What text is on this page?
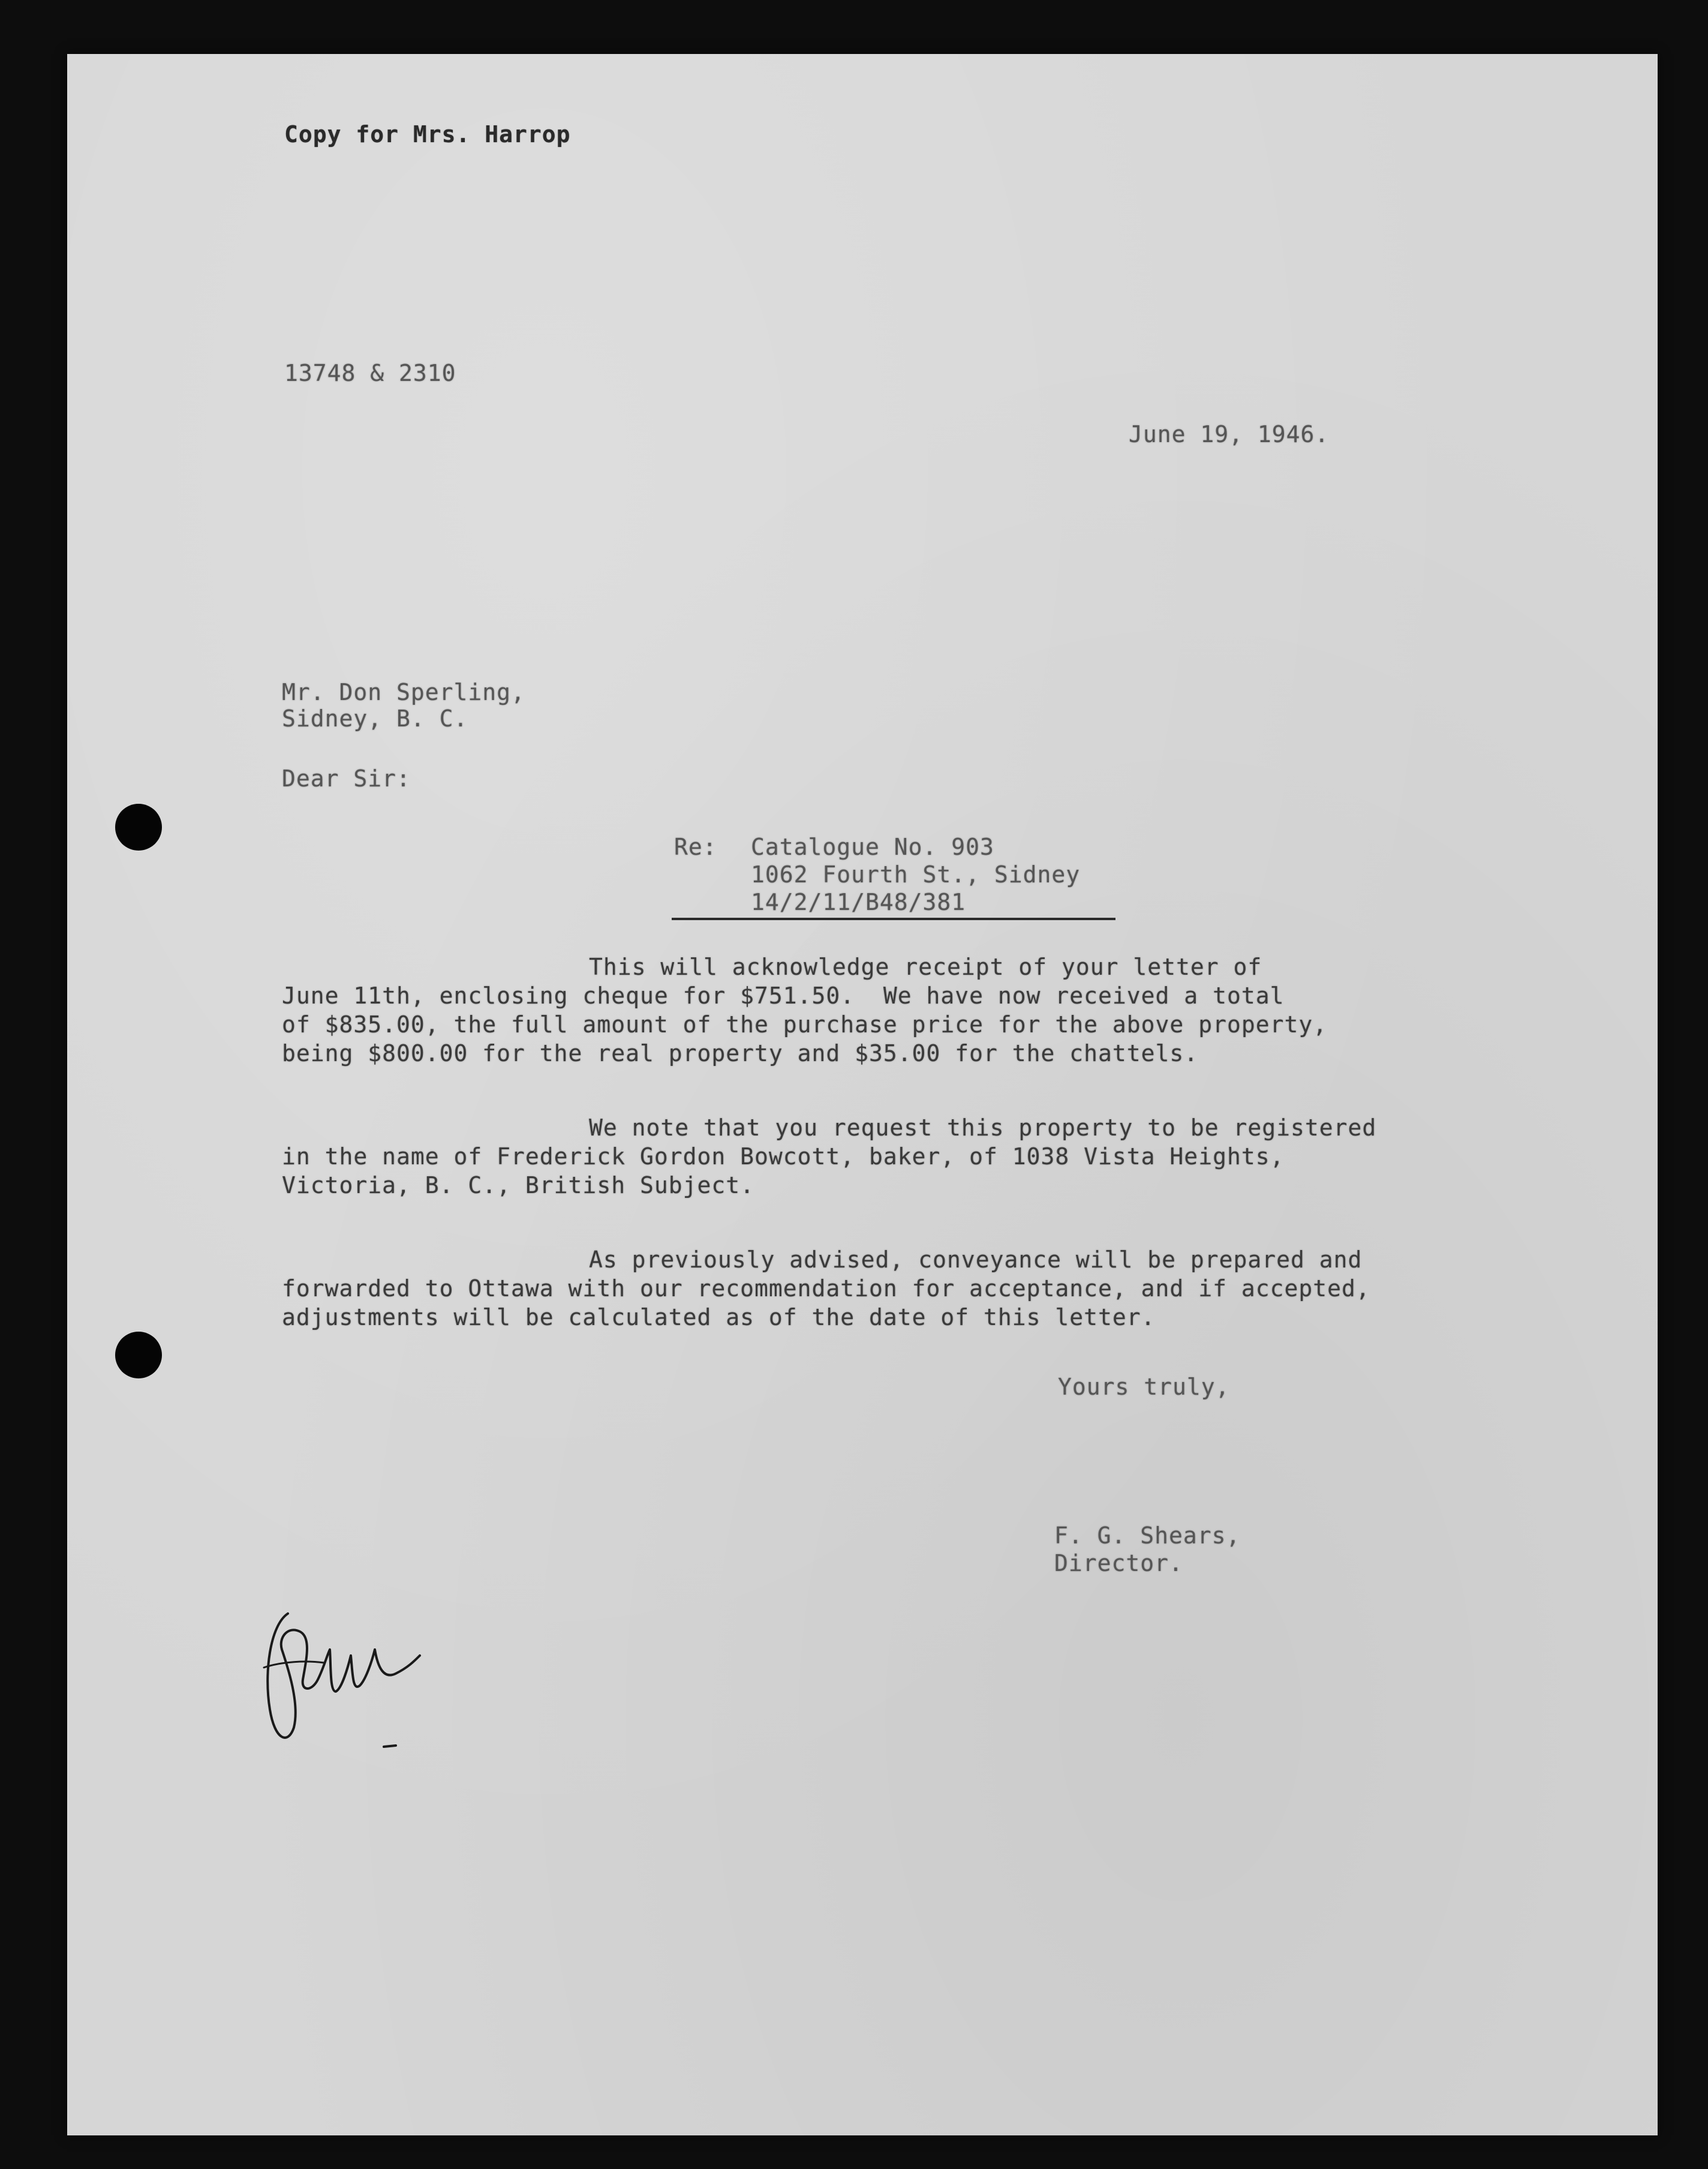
Copy for Mrs. Harrop
13748 & 2310
June 19, 1946.
Mr. Don Sperling,
Sidney, B. C.
Dear Sir:
Re: Catalogue No. 903
1062 Fourth St., Sidney
14/2/11/B48/381
This will acknowledge receipt of your letter of
June 11th, enclosing cheque for $751.50.  We have now received a total
of $835.00, the full amount of the purchase price for the above property,
being $800.00 for the real property and $35.00 for the chattels.
We note that you request this property to be registered
in the name of Frederick Gordon Bowcott, baker, of 1038 Vista Heights,
Victoria, B. C., British Subject.
As previously advised, conveyance will be prepared and
forwarded to Ottawa with our recommendation for acceptance, and if accepted,
adjustments will be calculated as of the date of this letter.
Yours truly,
F. G. Shears,
Director.
